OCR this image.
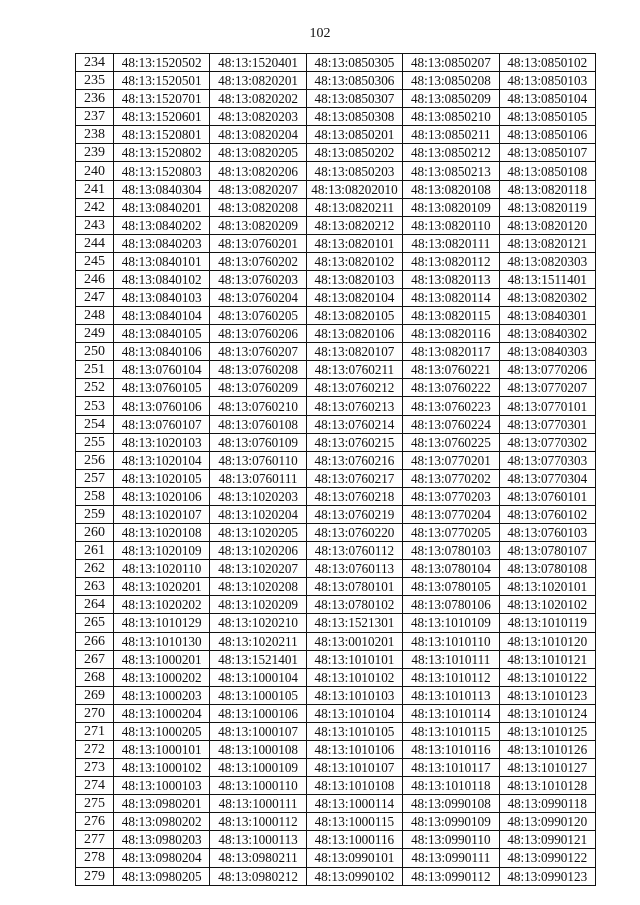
102
234	48:13:1520502	48:13:1520401	48:13:0850305	48:13:0850207	48:13:0850102
235	48:13:1520501	48:13:0820201	48:13:0850306	48:13:0850208	48:13:0850103
236	48:13:1520701	48:13:0820202	48:13:0850307	48:13:0850209	48:13:0850104
237	48:13:1520601	48:13:0820203	48:13:0850308	48:13:0850210	48:13:0850105
238	48:13:1520801	48:13:0820204	48:13:0850201	48:13:0850211	48:13:0850106
239	48:13:1520802	48:13:0820205	48:13:0850202	48:13:0850212	48:13:0850107
240	48:13:1520803	48:13:0820206	48:13:0850203	48:13:0850213	48:13:0850108
241	48:13:0840304	48:13:0820207	48:13:08202010	48:13:0820108	48:13:0820118
242	48:13:0840201	48:13:0820208	48:13:0820211	48:13:0820109	48:13:0820119
243	48:13:0840202	48:13:0820209	48:13:0820212	48:13:0820110	48:13:0820120
244	48:13:0840203	48:13:0760201	48:13:0820101	48:13:0820111	48:13:0820121
245	48:13:0840101	48:13:0760202	48:13:0820102	48:13:0820112	48:13:0820303
246	48:13:0840102	48:13:0760203	48:13:0820103	48:13:0820113	48:13:1511401
247	48:13:0840103	48:13:0760204	48:13:0820104	48:13:0820114	48:13:0820302
248	48:13:0840104	48:13:0760205	48:13:0820105	48:13:0820115	48:13:0840301
249	48:13:0840105	48:13:0760206	48:13:0820106	48:13:0820116	48:13:0840302
250	48:13:0840106	48:13:0760207	48:13:0820107	48:13:0820117	48:13:0840303
251	48:13:0760104	48:13:0760208	48:13:0760211	48:13:0760221	48:13:0770206
252	48:13:0760105	48:13:0760209	48:13:0760212	48:13:0760222	48:13:0770207
253	48:13:0760106	48:13:0760210	48:13:0760213	48:13:0760223	48:13:0770101
254	48:13:0760107	48:13:0760108	48:13:0760214	48:13:0760224	48:13:0770301
255	48:13:1020103	48:13:0760109	48:13:0760215	48:13:0760225	48:13:0770302
256	48:13:1020104	48:13:0760110	48:13:0760216	48:13:0770201	48:13:0770303
257	48:13:1020105	48:13:0760111	48:13:0760217	48:13:0770202	48:13:0770304
258	48:13:1020106	48:13:1020203	48:13:0760218	48:13:0770203	48:13:0760101
259	48:13:1020107	48:13:1020204	48:13:0760219	48:13:0770204	48:13:0760102
260	48:13:1020108	48:13:1020205	48:13:0760220	48:13:0770205	48:13:0760103
261	48:13:1020109	48:13:1020206	48:13:0760112	48:13:0780103	48:13:0780107
262	48:13:1020110	48:13:1020207	48:13:0760113	48:13:0780104	48:13:0780108
263	48:13:1020201	48:13:1020208	48:13:0780101	48:13:0780105	48:13:1020101
264	48:13:1020202	48:13:1020209	48:13:0780102	48:13:0780106	48:13:1020102
265	48:13:1010129	48:13:1020210	48:13:1521301	48:13:1010109	48:13:1010119
266	48:13:1010130	48:13:1020211	48:13:0010201	48:13:1010110	48:13:1010120
267	48:13:1000201	48:13:1521401	48:13:1010101	48:13:1010111	48:13:1010121
268	48:13:1000202	48:13:1000104	48:13:1010102	48:13:1010112	48:13:1010122
269	48:13:1000203	48:13:1000105	48:13:1010103	48:13:1010113	48:13:1010123
270	48:13:1000204	48:13:1000106	48:13:1010104	48:13:1010114	48:13:1010124
271	48:13:1000205	48:13:1000107	48:13:1010105	48:13:1010115	48:13:1010125
272	48:13:1000101	48:13:1000108	48:13:1010106	48:13:1010116	48:13:1010126
273	48:13:1000102	48:13:1000109	48:13:1010107	48:13:1010117	48:13:1010127
274	48:13:1000103	48:13:1000110	48:13:1010108	48:13:1010118	48:13:1010128
275	48:13:0980201	48:13:1000111	48:13:1000114	48:13:0990108	48:13:0990118
276	48:13:0980202	48:13:1000112	48:13:1000115	48:13:0990109	48:13:0990120
277	48:13:0980203	48:13:1000113	48:13:1000116	48:13:0990110	48:13:0990121
278	48:13:0980204	48:13:0980211	48:13:0990101	48:13:0990111	48:13:0990122
279	48:13:0980205	48:13:0980212	48:13:0990102	48:13:0990112	48:13:0990123
